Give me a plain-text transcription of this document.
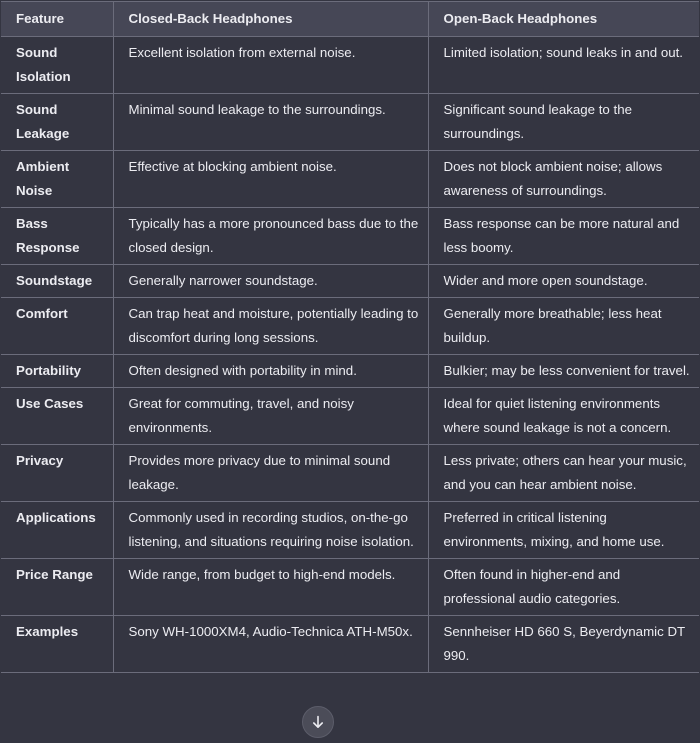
Feature	Closed-Back Headphones	Open-Back Headphones
Sound Isolation	Excellent isolation from external noise.	Limited isolation; sound leaks in and out.
Sound Leakage	Minimal sound leakage to the surroundings.	Significant sound leakage to the surroundings.
Ambient Noise	Effective at blocking ambient noise.	Does not block ambient noise; allows awareness of surroundings.
Bass Response	Typically has a more pronounced bass due to the closed design.	Bass response can be more natural and less boomy.
Soundstage	Generally narrower soundstage.	Wider and more open soundstage.
Comfort	Can trap heat and moisture, potentially leading to discomfort during long sessions.	Generally more breathable; less heat buildup.
Portability	Often designed with portability in mind.	Bulkier; may be less convenient for travel.
Use Cases	Great for commuting, travel, and noisy environments.	Ideal for quiet listening environments where sound leakage is not a concern.
Privacy	Provides more privacy due to minimal sound leakage.	Less private; others can hear your music, and you can hear ambient noise.
Applications	Commonly used in recording studios, on-the-go listening, and situations requiring noise isolation.	Preferred in critical listening environments, mixing, and home use.
Price Range	Wide range, from budget to high-end models.	Often found in higher-end and professional audio categories.
Examples	Sony WH-1000XM4, Audio-Technica ATH-M50x.	Sennheiser HD 660 S, Beyerdynamic DT 990.
